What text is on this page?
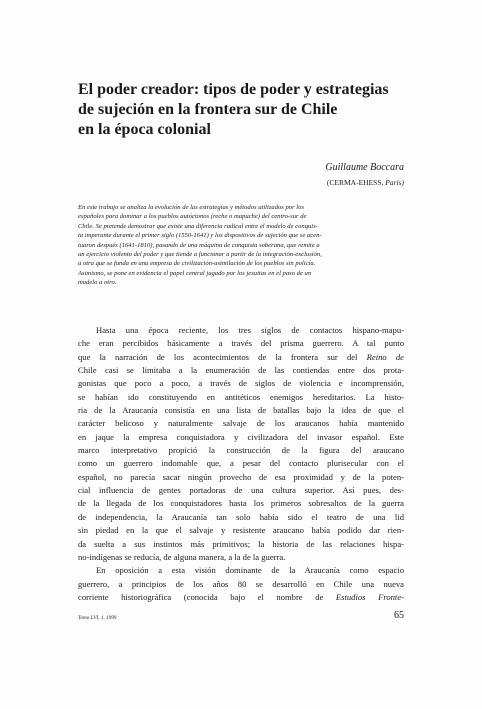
El poder creador: tipos de poder y estrategias
de sujeción en la frontera sur de Chile
en la época colonial
Guillaume Boccara
(CERMA-EHESS, París)

En este trabajo se analiza la evolución de las estrategias y métodos utilizados por los
españoles para dominar a los pueblos autóctonos (reche o mapuche) del centro-sur de
Chile. Se pretende demostrar que existe una diferencia radical entre el modelo de conquis-
ta imperante durante el primer siglo (1550-1641) y los dispositivos de sujeción que se acen-
tuaron después (1641-1810), pasando de una máquina de conquista soberana, que remite a
un ejercicio violento del poder y que tiende a funcionar a partir de la integración-exclusión,
a otra que se funda en una empresa de civilización-asimilación de los pueblos sin policía.
Asimismo, se pone en evidencia el papel central jugado por los jesuitas en el paso de un
modelo a otro.

Hasta una época reciente, los tres siglos de contactos hispano-mapu-
che eran percibidos básicamente a través del prisma guerrero. A tal punto
que la narración de los acontecimientos de la frontera sur del Reino de
Chile casi se limitaba a la enumeración de las contiendas entre dos prota-
gonistas que poco a poco, a través de siglos de violencia e incomprensión,
se habían ido constituyendo en antitéticos enemigos hereditarios. La histo-
ria de la Araucanía consistía en una lista de batallas bajo la idea de que el
carácter belicoso y naturalmente salvaje de los araucanos había mantenido
en jaque la empresa conquistadora y civilizadora del invasor español. Este
marco interpretativo propició la construcción de la figura del araucano
como un guerrero indomable que, a pesar del contacto plurisecular con el
español, no parecía sacar ningún provecho de esa proximidad y de la poten-
cial influencia de gentes portadoras de una cultura superior. Así pues, des-
de la llegada de los conquistadores hasta los primeros sobresaltos de la guerra
de independencia, la Araucanía tan solo había sido el teatro de una lid
sin piedad en la que el salvaje y resistente araucano había podido dar rien-
da suelta a sus instintos más primitivos; la historia de las relaciones hispa-
no-indígenas se reducía, de alguna manera, a la de la guerra.
En oposición a esta visión dominante de la Araucanía como espacio
guerrero, a principios de los años 80 se desarrolló en Chile una nueva
corriente historiográfica (conocida bajo el nombre de Estudios Fronte-
Tomo LVI, 1, 1999	65
